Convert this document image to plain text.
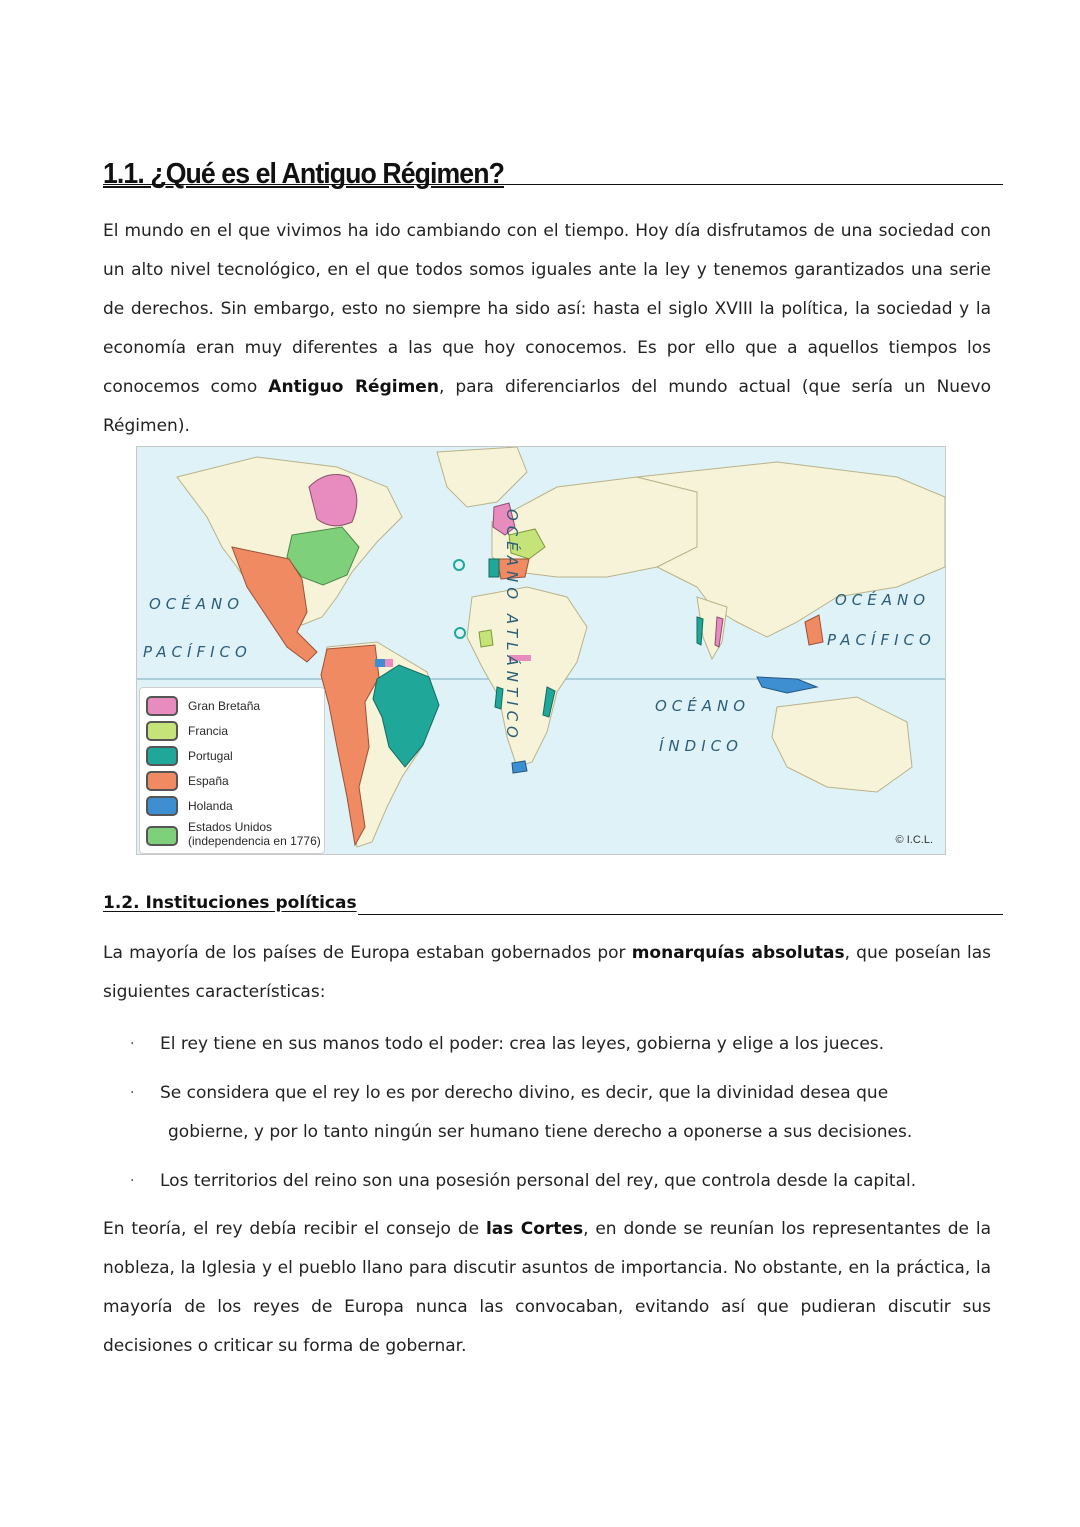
1.1. ¿Qué es el Antiguo Régimen?

El mundo en el que vivimos ha ido cambiando con el tiempo. Hoy día disfrutamos de una sociedad con un alto nivel tecnológico, en el que todos somos iguales ante la ley y tenemos garantizados una serie de derechos. Sin embargo, esto no siempre ha sido así: hasta el siglo XVIII la política, la sociedad y la economía eran muy diferentes a las que hoy conocemos. Es por ello que a aquellos tiempos los conocemos como Antiguo Régimen, para diferenciarlos del mundo actual (que sería un Nuevo Régimen).

OCÉANO
PACÍFICO	OCÉANO ATLÁNTICO	OCÉANO
ÍNDICO
OCÉANO
PACÍFICO
Gran Bretaña
Francia
Portugal
España
Holanda
Estados Unidos
(independencia en 1776)	© I.C.L.
1.2. Instituciones políticas

La mayoría de los países de Europa estaban gobernados por monarquías absolutas, que poseían las siguientes características:

· El rey tiene en sus manos todo el poder: crea las leyes, gobierna y elige a los jueces.
· Se considera que el rey lo es por derecho divino, es decir, que la divinidad desea que
gobierne, y por lo tanto ningún ser humano tiene derecho a oponerse a sus decisiones.
· Los territorios del reino son una posesión personal del rey, que controla desde la capital.

En teoría, el rey debía recibir el consejo de las Cortes, en donde se reunían los representantes de la nobleza, la Iglesia y el pueblo llano para discutir asuntos de importancia. No obstante, en la práctica, la mayoría de los reyes de Europa nunca las convocaban, evitando así que pudieran discutir sus decisiones o criticar su forma de gobernar.
